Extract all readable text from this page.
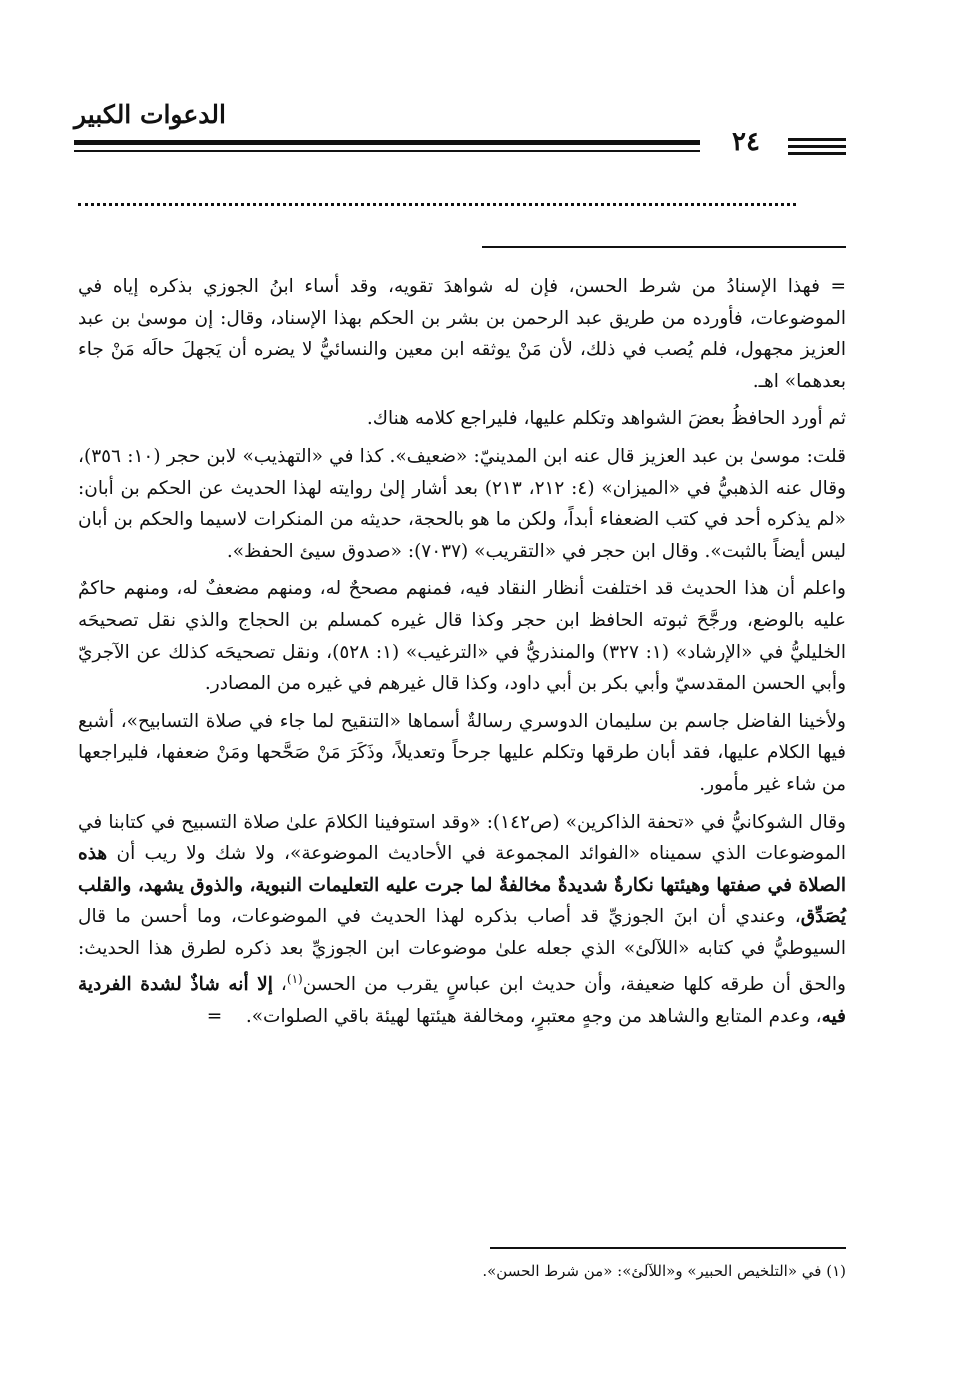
الدعوات الكبير
٢٤

= فهذا الإسنادُ من شرط الحسن، فإن له شواهدَ تقويه، وقد أساء ابنُ الجوزي بذكره إياه في الموضوعات، فأورده من طريق عبد الرحمن بن بشر بن الحكم بهذا الإسناد، وقال: إن موسىٰ بن عبد العزيز مجهول، فلم يُصب في ذلك، لأن مَنْ يوثقه ابن معين والنسائيُّ لا يضره أن يَجهلَ حالَه مَنْ جاء بعدهما» اهـ.

ثم أورد الحافظُ بعضَ الشواهد وتكلم عليها، فليراجع كلامه هناك.

قلت: موسىٰ بن عبد العزيز قال عنه ابن المدينيّ: «ضعيف». كذا في «التهذيب» لابن حجر (١٠: ٣٥٦)، وقال عنه الذهبيُّ في «الميزان» (٤: ٢١٢، ٢١٣) بعد أشار إلىٰ روايته لهذا الحديث عن الحكم بن أبان: «لم يذكره أحد في كتب الضعفاء أبداً، ولكن ما هو بالحجة، حديثه من المنكرات لاسيما والحكم بن أبان ليس أيضاً بالثبت». وقال ابن حجر في «التقريب» (٧٠٣٧): «صدوق سيئ الحفظ».

واعلم أن هذا الحديث قد اختلفت أنظار النقاد فيه، فمنهم مصححٌ له، ومنهم مضعفٌ له، ومنهم حاكمٌ عليه بالوضع، ورجَّحَ ثبوته الحافظ ابن حجر وكذا قال غيره كمسلم بن الحجاج والذي نقل تصحيحَه الخليليُّ في «الإرشاد» (١: ٣٢٧) والمنذريُّ في «الترغيب» (١: ٥٢٨)، ونقل تصحيحَه كذلك عن الآجريّ وأبي الحسن المقدسيّ وأبي بكر بن أبي داود، وكذا قال غيرهم في غيره من المصادر.

ولأخينا الفاضل جاسم بن سليمان الدوسري رسالةٌ أسماها «التنقيح لما جاء في صلاة التسابيح»، أشبع فيها الكلام عليها، فقد أبان طرقها وتكلم عليها جرحاً وتعديلاً، وذَكَرَ مَنْ صَحَّحها ومَنْ ضعفها، فليراجعها من شاء غير مأمور.

وقال الشوكانيُّ في «تحفة الذاكرين» (ص١٤٢): «وقد استوفينا الكلامَ علىٰ صلاة التسبيح في كتابنا في الموضوعات الذي سميناه «الفوائد المجموعة في الأحاديث الموضوعة»، ولا شك ولا ريب أن هذه الصلاة في صفتها وهيئتها نكارةٌ شديدةٌ مخالفةٌ لما جرت عليه التعليمات النبوية، والذوق يشهد، والقلب يُصَدِّق، وعندي أن ابنَ الجوزيِّ قد أصاب بذكره لهذا الحديث في الموضوعات، وما أحسن ما قال السيوطيُّ في كتابه «اللآلئ» الذي جعله علىٰ موضوعات ابن الجوزيِّ بعد ذكره لطرق هذا الحديث: والحق أن طرقه كلها ضعيفة، وأن حديث ابن عباسٍ يقرب من الحسن$^{(١)}$، إلا أنه شاذٌ لشدة الفردية فيه، وعدم المتابع والشاهد من وجهٍ معتبرٍ، ومخالفة هيئتها لهيئة باقي الصلوات».    =

(١) في «التلخيص الحبير» و«اللآلئ»: «من شرط الحسن».
